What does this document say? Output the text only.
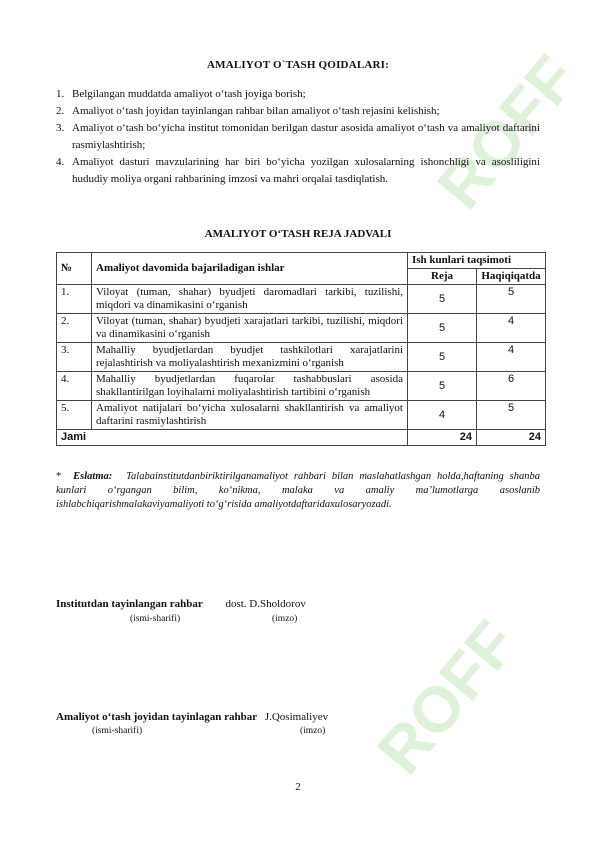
ROFF
ROFF
AMALIYOT O`TASH QOIDALARI:
1. Belgilangan muddatda amaliyot o‘tash joyiga borish;
2. Amaliyot o‘tash joyidan tayinlangan rahbar bilan amaliyot o‘tash rejasini kelishish;
3. Amaliyot o‘tash bo‘yicha institut tomonidan berilgan dastur asosida amaliyot o‘tash va amaliyot daftarini rasmiylashtirish;
4. Amaliyot dasturi mavzularining har biri bo‘yicha yozilgan xulosalarning ishonchligi va asosliligini hududiy moliya organi rahbarining imzosi va mahri orqalai tasdiqlatish.
AMALIYOT O‘TASH REJA JADVALI
№	Amaliyot davomida bajariladigan ishlar	Ish kunlari taqsimoti	
		Reja	Haqiqiqatda
1.	Viloyat (tuman, shahar) byudjeti daromadlari tarkibi, tuzilishi, miqdori va dinamikasini o‘rganish	5	5
2.	Viloyat (tuman, shahar) byudjeti xarajatlari tarkibi, tuzilishi, miqdori va dinamikasini o‘rganish	5	4
3.	Mahalliy byudjetlardan byudjet tashkilotlari xarajatlarini rejalashtirish va moliyalashtirish mexanizmini o‘rganish	5	4
4.	Mahalliy byudjetlardan fuqarolar tashabbuslari asosida shakllantirilgan loyihalarni moliyalashtirish tartibini o‘rganish	5	6
5.	Amaliyot natijalari bo‘yicha xulosalarni shakllantirish va amaliyot daftarini rasmiylashtirish	4	5
Jami		24	24
* Eslatma: Talabainstitutdanbiriktirilganamaliyot rahbari bilan maslahatlashgan holda,haftaning shanba kunlari o‘rgangan bilim, ko‘nikma, malaka va amaliy ma’lumotlarga asoslanib ishlabchiqarishmalakaviyamaliyoti to‘g‘risida amaliyotdaftaridaxulosaryozadi.
Institutdan tayinlangan rahbar dost. D.Sholdorov
(ismi-sharifi)	(imzo)
Amaliyot o‘tash joyidan tayinlagan rahbar J.Qosimaliyev
(ismi-sharifi)	(imzo)
2
